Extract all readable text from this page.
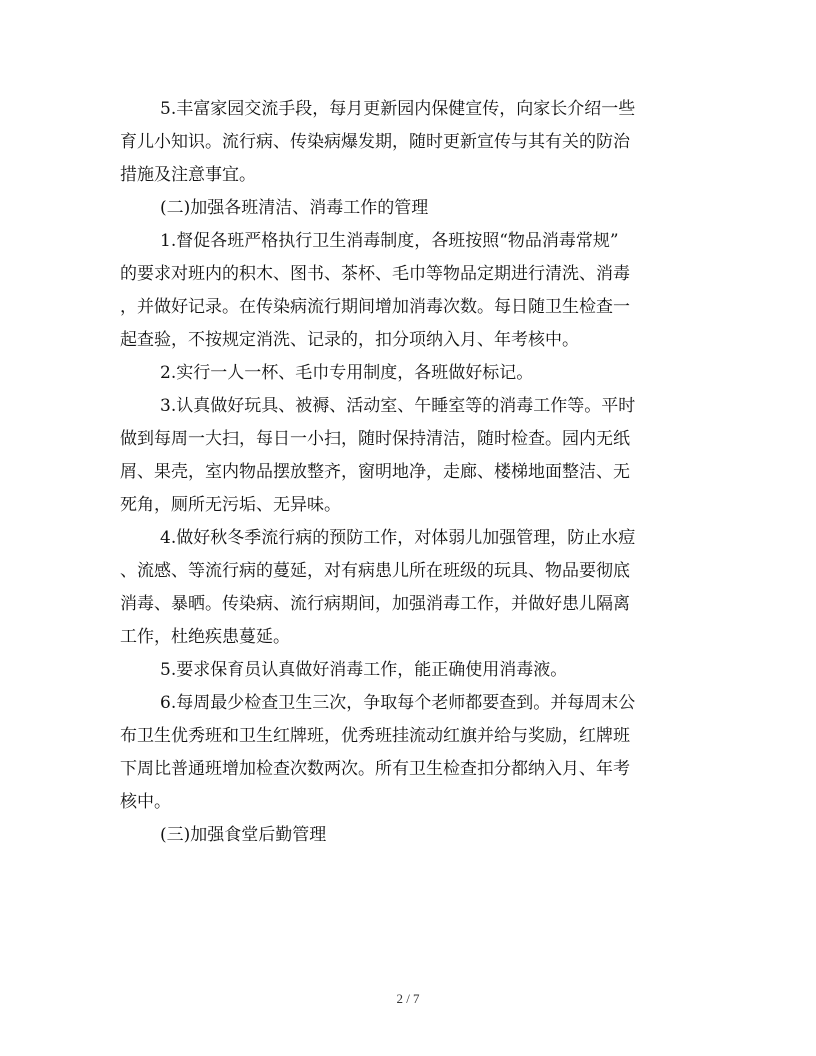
5.丰富家园交流手段，每月更新园内保健宣传，向家长介绍一些
育儿小知识。流行病、传染病爆发期，随时更新宣传与其有关的防治
措施及注意事宜。
(二)加强各班清洁、消毒工作的管理
1.督促各班严格执行卫生消毒制度，各班按照“物品消毒常规”
的要求对班内的积木、图书、茶杯、毛巾等物品定期进行清洗、消毒
，并做好记录。在传染病流行期间增加消毒次数。每日随卫生检查一
起查验，不按规定消洗、记录的，扣分项纳入月、年考核中。
2.实行一人一杯、毛巾专用制度，各班做好标记。
3.认真做好玩具、被褥、活动室、午睡室等的消毒工作等。平时
做到每周一大扫，每日一小扫，随时保持清洁，随时检查。园内无纸
屑、果壳，室内物品摆放整齐，窗明地净，走廊、楼梯地面整洁、无
死角，厕所无污垢、无异味。
4.做好秋冬季流行病的预防工作，对体弱儿加强管理，防止水痘
、流感、等流行病的蔓延，对有病患儿所在班级的玩具、物品要彻底
消毒、暴晒。传染病、流行病期间，加强消毒工作，并做好患儿隔离
工作，杜绝疾患蔓延。
5.要求保育员认真做好消毒工作，能正确使用消毒液。
6.每周最少检查卫生三次，争取每个老师都要查到。并每周末公
布卫生优秀班和卫生红牌班，优秀班挂流动红旗并给与奖励，红牌班
下周比普通班增加检查次数两次。所有卫生检查扣分都纳入月、年考
核中。
(三)加强食堂后勤管理
2 / 7
